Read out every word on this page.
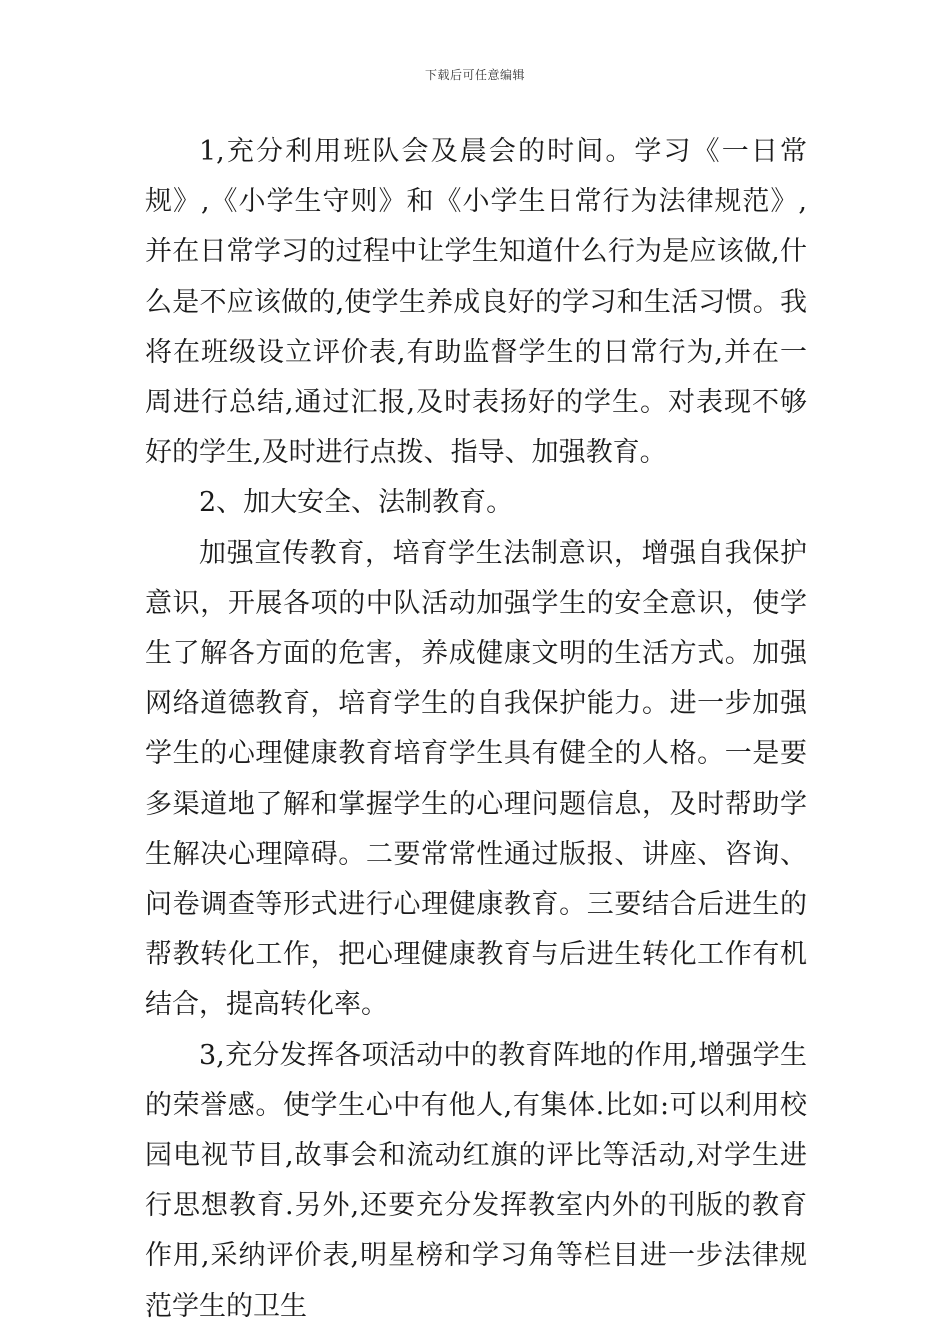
下载后可任意编辑

1,充分利用班队会及晨会的时间。学习《一日常规》,《小学生守则》和《小学生日常行为法律规范》,并在日常学习的过程中让学生知道什么行为是应该做,什么是不应该做的,使学生养成良好的学习和生活习惯。我将在班级设立评价表,有助监督学生的日常行为,并在一周进行总结,通过汇报,及时表扬好的学生。对表现不够好的学生,及时进行点拨、指导、加强教育。

2、加大安全、法制教育。

加强宣传教育，培育学生法制意识，增强自我保护意识，开展各项的中队活动加强学生的安全意识，使学生了解各方面的危害，养成健康文明的生活方式。加强网络道德教育，培育学生的自我保护能力。进一步加强学生的心理健康教育培育学生具有健全的人格。一是要多渠道地了解和掌握学生的心理问题信息，及时帮助学生解决心理障碍。二要常常性通过版报、讲座、咨询、问卷调查等形式进行心理健康教育。三要结合后进生的帮教转化工作，把心理健康教育与后进生转化工作有机结合，提高转化率。

3,充分发挥各项活动中的教育阵地的作用,增强学生的荣誉感。使学生心中有他人,有集体.比如:可以利用校园电视节目,故事会和流动红旗的评比等活动,对学生进行思想教育.另外,还要充分发挥教室内外的刊版的教育作用,采纳评价表,明星榜和学习角等栏目进一步法律规范学生的卫生
